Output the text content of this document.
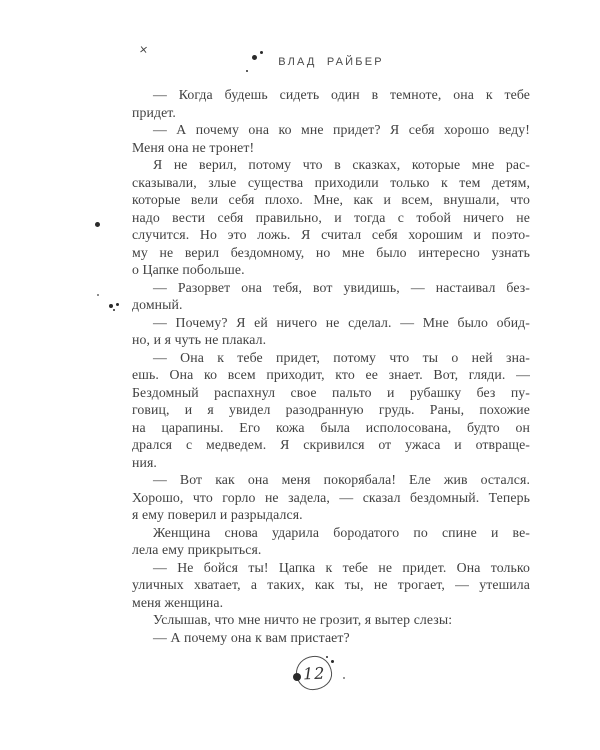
×
ВЛАД РАЙБЕР
— Когда будешь сидеть один в темноте, она к тебе
придет.
— А почему она ко мне придет? Я себя хорошо веду!
Меня она не тронет!
Я не верил, потому что в сказках, которые мне рас-
сказывали, злые существа приходили только к тем детям,
которые вели себя плохо. Мне, как и всем, внушали, что
надо вести себя правильно, и тогда с тобой ничего не
случится. Но это ложь. Я считал себя хорошим и поэто-
му не верил бездомному, но мне было интересно узнать
о Цапке побольше.
— Разорвет она тебя, вот увидишь, — настаивал без-
домный.
— Почему? Я ей ничего не сделал. — Мне было обид-
но, и я чуть не плакал.
— Она к тебе придет, потому что ты о ней зна-
ешь. Она ко всем приходит, кто ее знает. Вот, гляди. —
Бездомный распахнул свое пальто и рубашку без пу-
говиц, и я увидел разодранную грудь. Раны, похожие
на царапины. Его кожа была исполосована, будто он
дрался с медведем. Я скривился от ужаса и отвраще-
ния.
— Вот как она меня покорябала! Еле жив остался.
Хорошо, что горло не задела, — сказал бездомный. Теперь
я ему поверил и разрыдался.
Женщина снова ударила бородатого по спине и ве-
лела ему прикрыться.
— Не бойся ты! Цапка к тебе не придет. Она только
уличных хватает, а таких, как ты, не трогает, — утешила
меня женщина.
Услышав, что мне ничто не грозит, я вытер слезы:
— А почему она к вам пристает?
12
